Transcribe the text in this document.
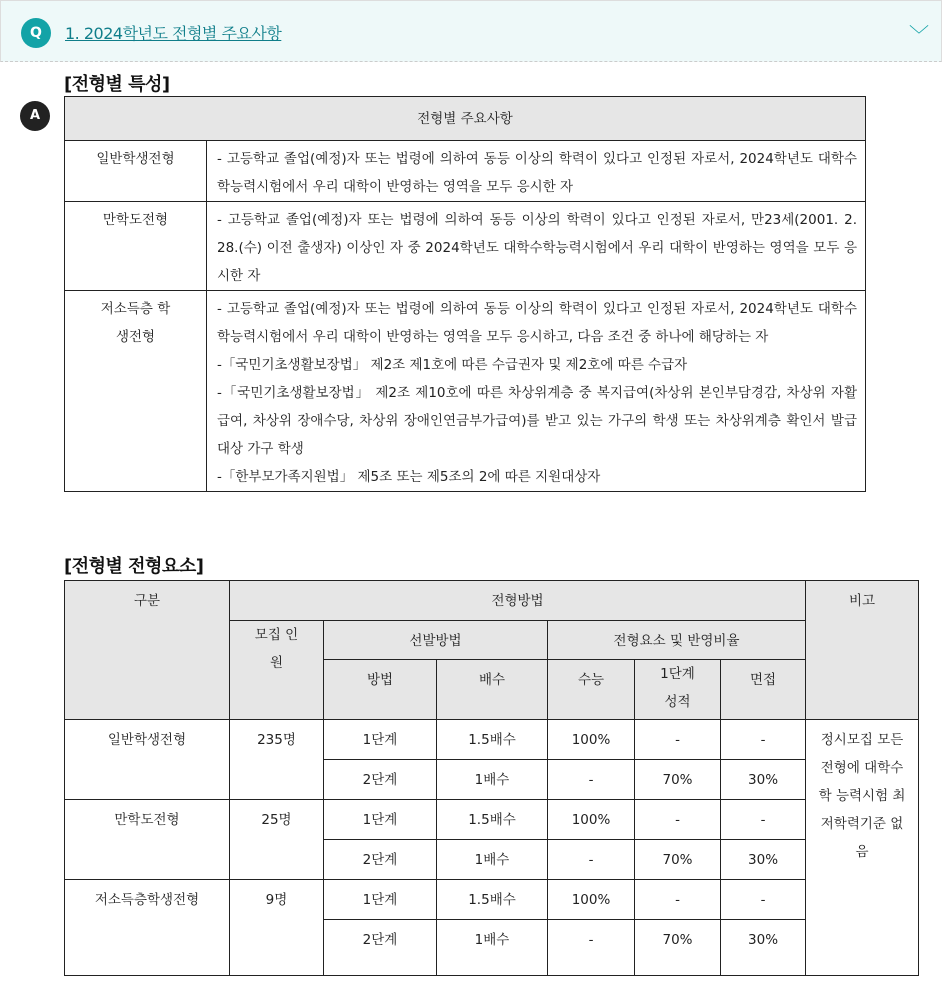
Q	1. 2024학년도 전형별 주요사항	﹀
A
[전형별 특성]
전형별 주요사항	
일반학생전형	- 고등학교 졸업(예정)자 또는 법령에 의하여 동등 이상의 학력이 있다고 인정된 자로서, 2024학년도 대학수학능력시험에서 우리 대학이 반영하는 영역을 모두 응시한 자

만학도전형	- 고등학교 졸업(예정)자 또는 법령에 의하여 동등 이상의 학력이 있다고 인정된 자로서, 만23세(2001. 2. 28.(수) 이전 출생자) 이상인 자 중 2024학년도 대학수학능력시험에서 우리 대학이 반영하는 영역을 모두 응시한 자

저소득층 학생전형	- 고등학교 졸업(예정)자 또는 법령에 의하여 동등 이상의 학력이 있다고 인정된 자로서, 2024학년도 대학수학능력시험에서 우리 대학이 반영하는 영역을 모두 응시하고, 다음 조건 중 하나에 해당하는 자
-「국민기초생활보장법」 제2조 제1호에 따른 수급권자 및 제2호에 따른 수급자
-「국민기초생활보장법」 제2조 제10호에 따른 차상위계층 중 복지급여(차상위 본인부담경감, 차상위 자활급여, 차상위 장애수당, 차상위 장애인연금부가급여)를 받고 있는 가구의 학생 또는 차상위계층 확인서 발급 대상 가구 학생
-「한부모가족지원법」 제5조 또는 제5조의 2에 따른 지원대상자
[전형별 전형요소]
구분	전형방법						비고
	모집 인원	선발방법		전형요소 및 반영비율			
		방법	배수	수능	1단계 성적	면접	
일반학생전형	235명	1단계	1.5배수	100%	-	-	정시모집 모든 전형에 대학수학 능력시험 최저학력기준 없음
		2단계	1배수	-	70%	30%	
만학도전형	25명	1단계	1.5배수	100%	-	-	
		2단계	1배수	-	70%	30%	
저소득층학생전형	9명	1단계	1.5배수	100%	-	-	
		2단계	1배수	-	70%	30%	
